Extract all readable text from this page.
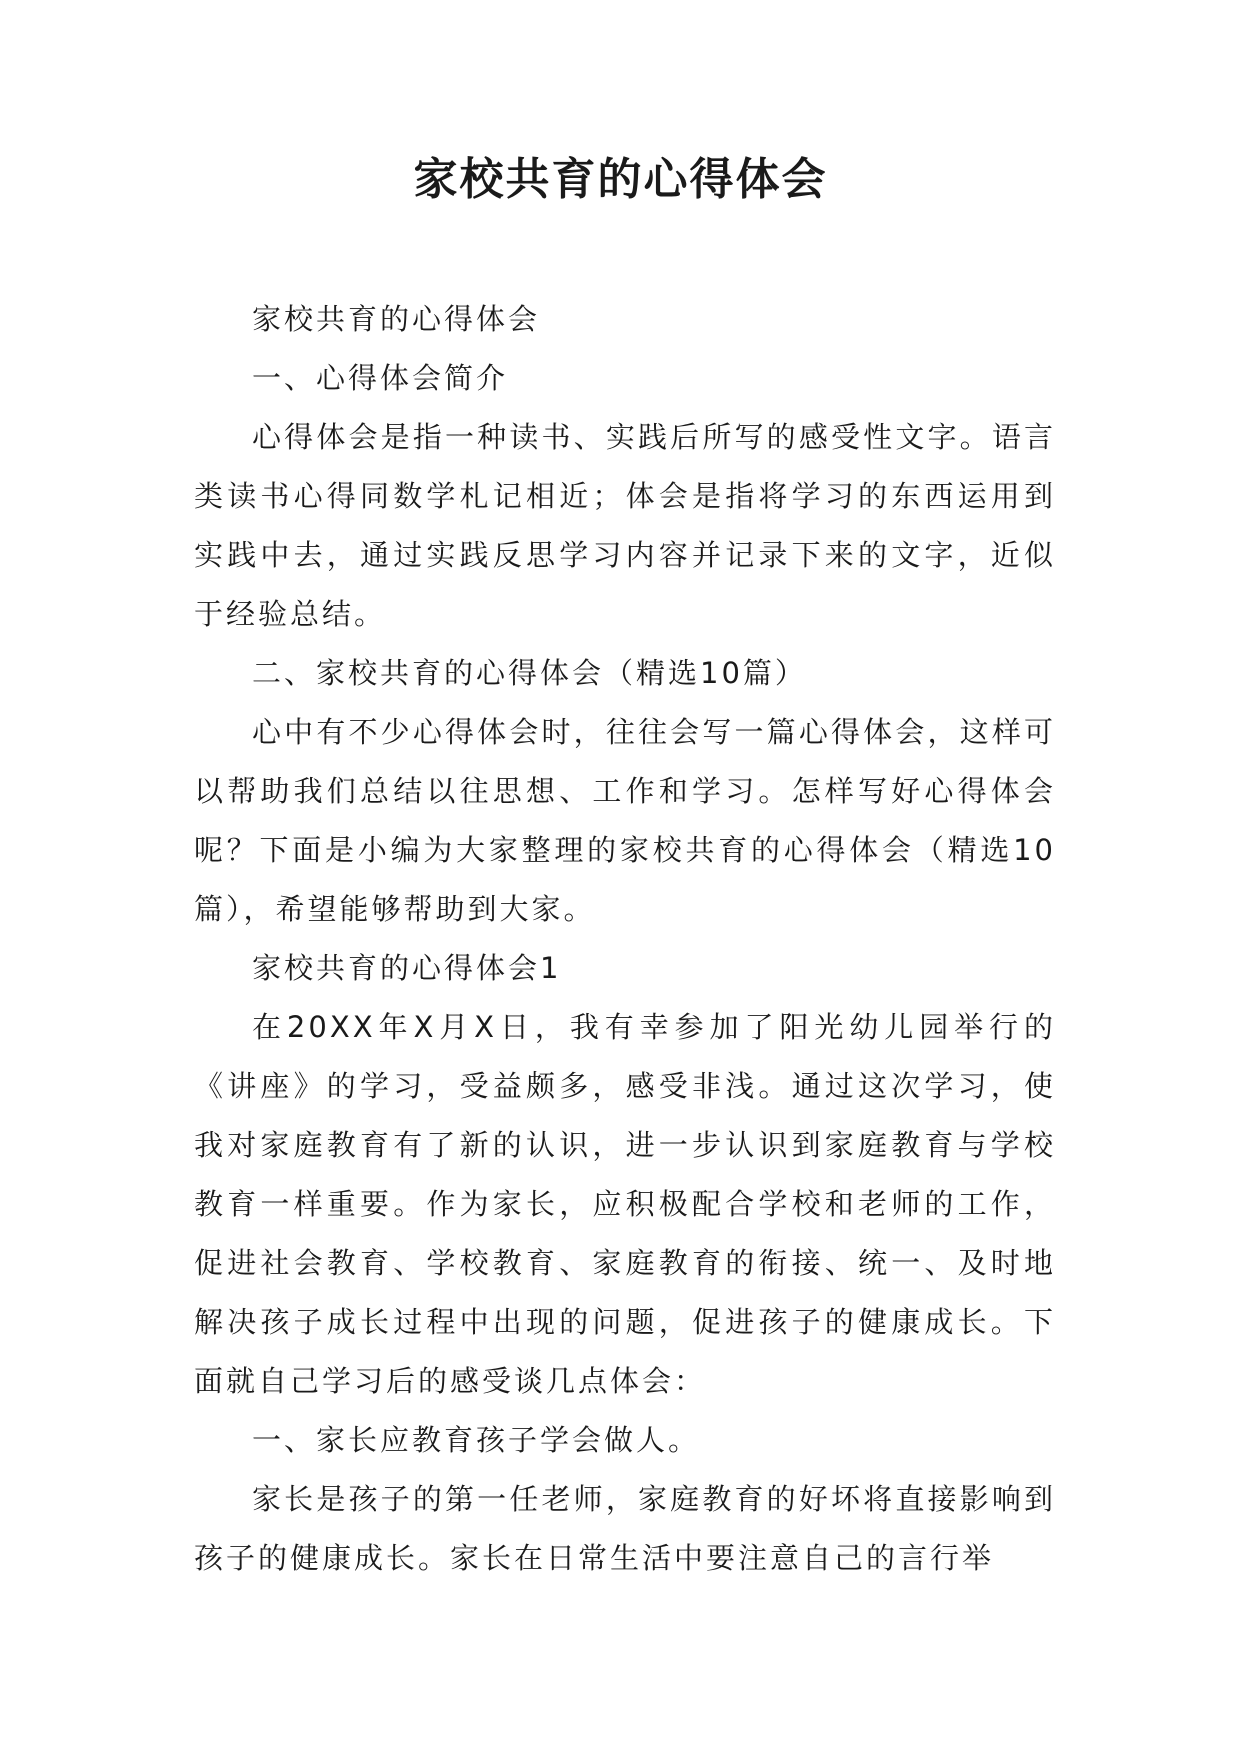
家校共育的心得体会

家校共育的心得体会

一、心得体会简介

心得体会是指一种读书、实践后所写的感受性文字。语言类读书心得同数学札记相近；体会是指将学习的东西运用到实践中去，通过实践反思学习内容并记录下来的文字，近似于经验总结。

二、家校共育的心得体会（精选10篇）

心中有不少心得体会时，往往会写一篇心得体会，这样可以帮助我们总结以往思想、工作和学习。怎样写好心得体会呢？下面是小编为大家整理的家校共育的心得体会（精选10篇），希望能够帮助到大家。

家校共育的心得体会1

在20XX年X月X日，我有幸参加了阳光幼儿园举行的《讲座》的学习，受益颇多，感受非浅。通过这次学习，使我对家庭教育有了新的认识，进一步认识到家庭教育与学校教育一样重要。作为家长，应积极配合学校和老师的工作，促进社会教育、学校教育、家庭教育的衔接、统一、及时地解决孩子成长过程中出现的问题，促进孩子的健康成长。下面就自己学习后的感受谈几点体会：

一、家长应教育孩子学会做人。

家长是孩子的第一任老师，家庭教育的好坏将直接影响到孩子的健康成长。家长在日常生活中要注意自己的言行举
